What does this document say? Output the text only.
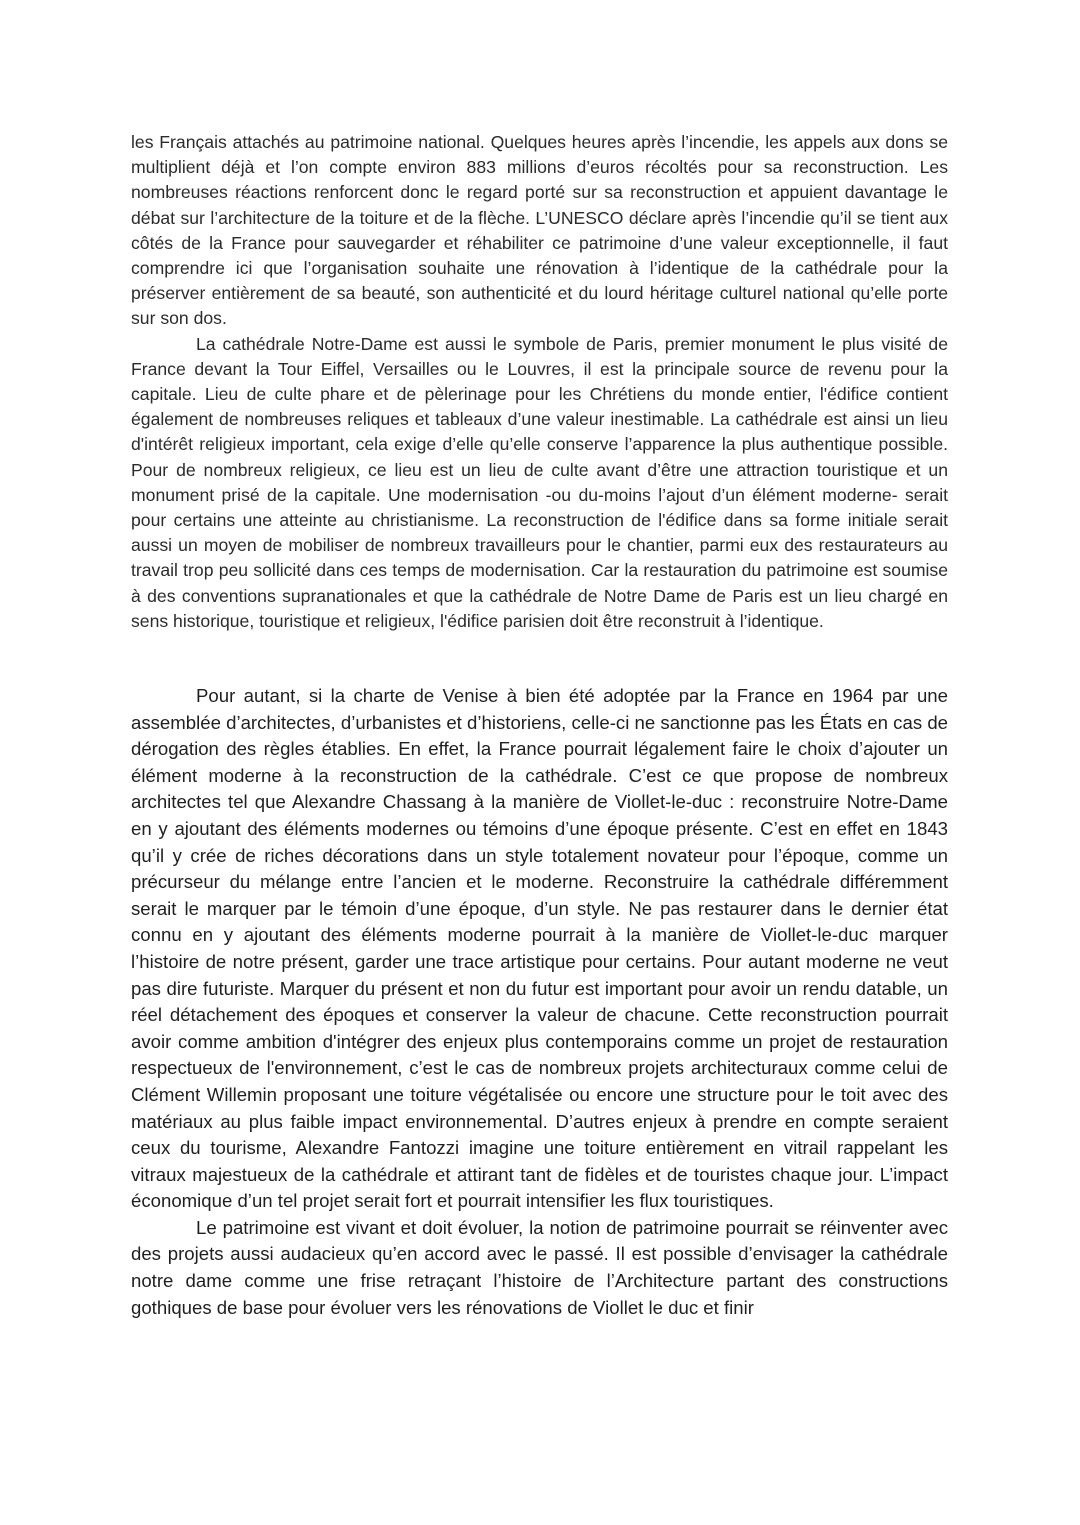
les Français attachés au patrimoine national. Quelques heures après l’incendie, les appels aux dons se multiplient déjà et l’on compte environ 883 millions d’euros récoltés pour sa reconstruction. Les nombreuses réactions renforcent donc le regard porté sur sa reconstruction et appuient davantage le débat sur l’architecture de la toiture et de la flèche. L’UNESCO déclare après l’incendie qu’il se tient aux côtés de la France pour sauvegarder et réhabiliter ce patrimoine d’une valeur exceptionnelle, il faut comprendre ici que l’organisation souhaite une rénovation à l’identique de la cathédrale pour la préserver entièrement de sa beauté, son authenticité et du lourd héritage culturel national qu’elle porte sur son dos.

La cathédrale Notre-Dame est aussi le symbole de Paris, premier monument le plus visité de France devant la Tour Eiffel, Versailles ou le Louvres, il est la principale source de revenu pour la capitale. Lieu de culte phare et de pèlerinage pour les Chrétiens du monde entier, l'édifice contient également de nombreuses reliques et tableaux d’une valeur inestimable. La cathédrale est ainsi un lieu d'intérêt religieux important, cela exige d’elle qu’elle conserve l’apparence la plus authentique possible. Pour de nombreux religieux, ce lieu est un lieu de culte avant d’être une attraction touristique et un monument prisé de la capitale. Une modernisation -ou du-moins l’ajout d’un élément moderne- serait pour certains une atteinte au christianisme. La reconstruction de l'édifice dans sa forme initiale serait aussi un moyen de mobiliser de nombreux travailleurs pour le chantier, parmi eux des restaurateurs au travail trop peu sollicité dans ces temps de modernisation. Car la restauration du patrimoine est soumise à des conventions supranationales et que la cathédrale de Notre Dame de Paris est un lieu chargé en sens historique, touristique et religieux, l'édifice parisien doit être reconstruit à l’identique.

Pour autant, si la charte de Venise à bien été adoptée par la France en 1964 par une assemblée d’architectes, d’urbanistes et d’historiens, celle-ci ne sanctionne pas les États en cas de dérogation des règles établies. En effet, la France pourrait légalement faire le choix d’ajouter un élément moderne à la reconstruction de la cathédrale. C’est ce que propose de nombreux architectes tel que Alexandre Chassang à la manière de Viollet-le-duc : reconstruire Notre-Dame en y ajoutant des éléments modernes ou témoins d’une époque présente. C’est en effet en 1843 qu’il y crée de riches décorations dans un style totalement novateur pour l’époque, comme un précurseur du mélange entre l’ancien et le moderne. Reconstruire la cathédrale différemment serait le marquer par le témoin d’une époque, d’un style. Ne pas restaurer dans le dernier état connu en y ajoutant des éléments moderne pourrait à la manière de Viollet-le-duc marquer l’histoire de notre présent, garder une trace artistique pour certains. Pour autant moderne ne veut pas dire futuriste. Marquer du présent et non du futur est important pour avoir un rendu datable, un réel détachement des époques et conserver la valeur de chacune. Cette reconstruction pourrait avoir comme ambition d'intégrer des enjeux plus contemporains comme un projet de restauration respectueux de l'environnement, c’est le cas de nombreux projets architecturaux comme celui de Clément Willemin proposant une toiture végétalisée ou encore une structure pour le toit avec des matériaux au plus faible impact environnemental. D’autres enjeux à prendre en compte seraient ceux du tourisme, Alexandre Fantozzi imagine une toiture entièrement en vitrail rappelant les vitraux majestueux de la cathédrale et attirant tant de fidèles et de touristes chaque jour. L’impact économique d’un tel projet serait fort et pourrait intensifier les flux touristiques.

Le patrimoine est vivant et doit évoluer, la notion de patrimoine pourrait se réinventer avec des projets aussi audacieux qu’en accord avec le passé. Il est possible d’envisager la cathédrale notre dame comme une frise retraçant l’histoire de l’Architecture partant des constructions gothiques de base pour évoluer vers les rénovations de Viollet le duc et finir
